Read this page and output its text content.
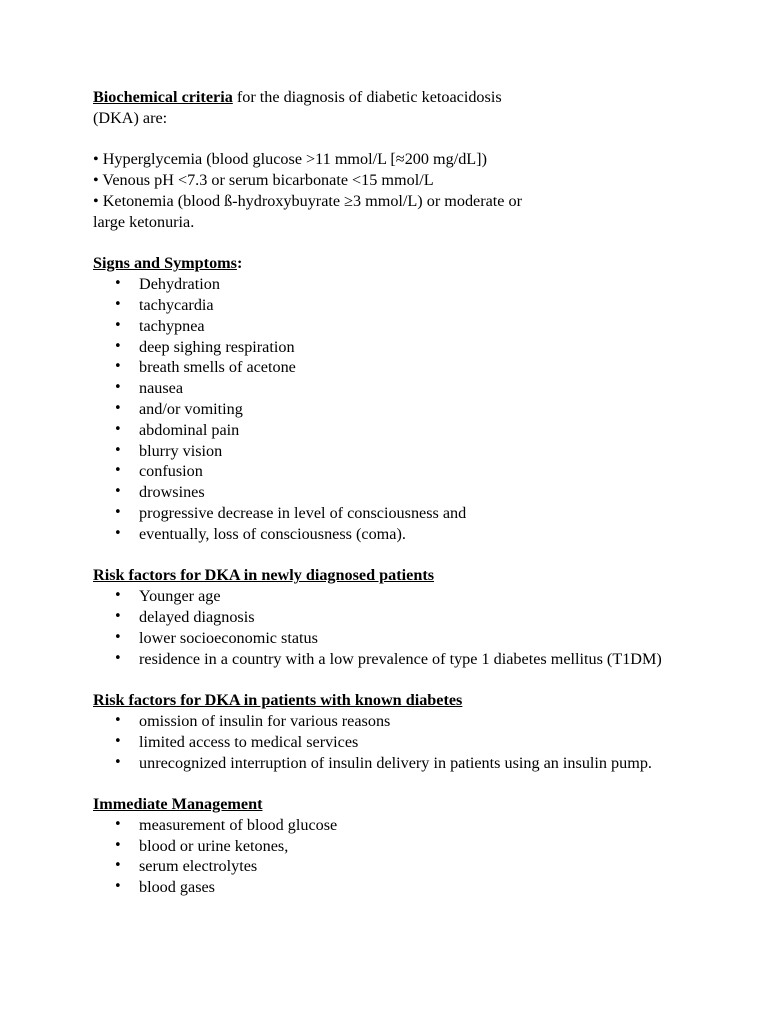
Biochemical criteria for the diagnosis of diabetic ketoacidosis

(DKA) are:

• Hyperglycemia (blood glucose >11 mmol/L [≈200 mg/dL])

• Venous pH <7.3 or serum bicarbonate <15 mmol/L

• Ketonemia (blood ß-hydroxybuyrate ≥3 mmol/L) or moderate or

large ketonuria.

Signs and Symptoms:

• Dehydration
• tachycardia
• tachypnea
• deep sighing respiration
• breath smells of acetone
• nausea
• and/or vomiting
• abdominal pain
• blurry vision
• confusion
• drowsines
• progressive decrease in level of consciousness and
• eventually, loss of consciousness (coma).

Risk factors for DKA in newly diagnosed patients

• Younger age
• delayed diagnosis
• lower socioeconomic status
• residence in a country with a low prevalence of type 1 diabetes mellitus (T1DM)

Risk factors for DKA in patients with known diabetes

• omission of insulin for various reasons
• limited access to medical services
• unrecognized interruption of insulin delivery in patients using an insulin pump.

Immediate Management

• measurement of blood glucose
• blood or urine ketones,
• serum electrolytes
• blood gases
